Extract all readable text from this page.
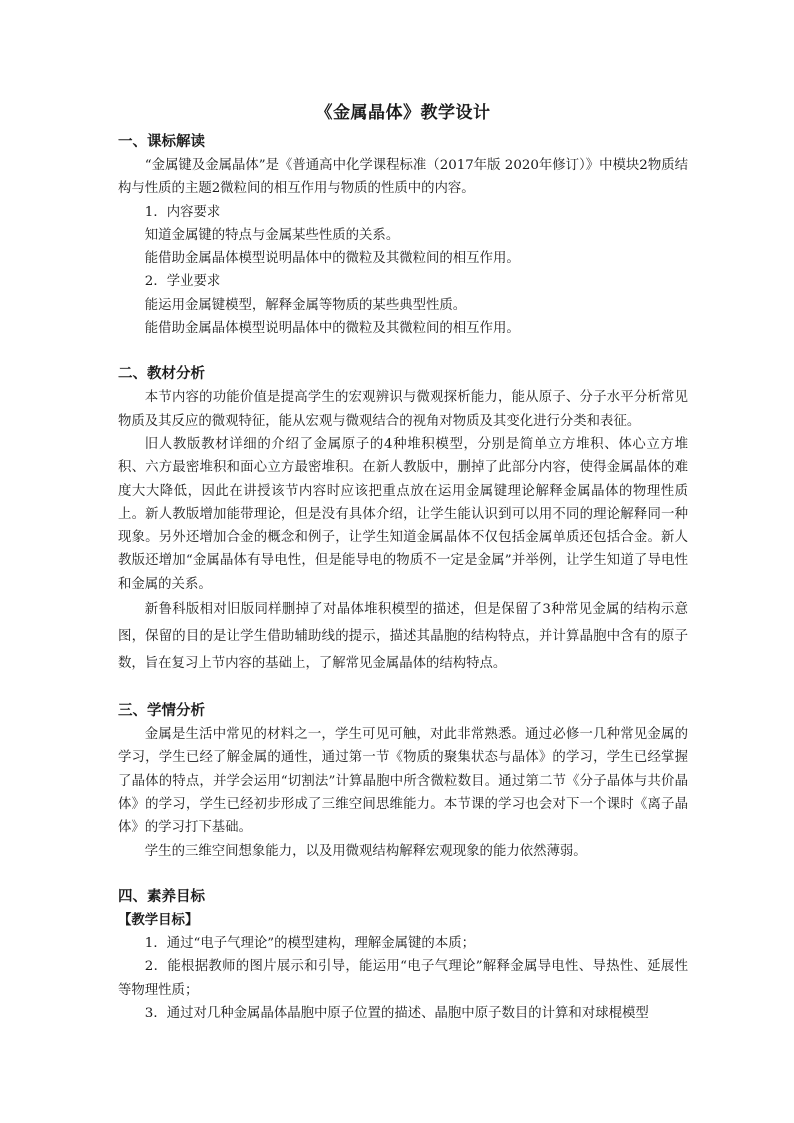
《金属晶体》教学设计
一、课标解读

“金属键及金属晶体”是《普通高中化学课程标准（2017年版 2020年修订）》中模块2物质结构与性质的主题2微粒间的相互作用与物质的性质中的内容。

1．内容要求

知道金属键的特点与金属某些性质的关系。

能借助金属晶体模型说明晶体中的微粒及其微粒间的相互作用。

2．学业要求

能运用金属键模型，解释金属等物质的某些典型性质。

能借助金属晶体模型说明晶体中的微粒及其微粒间的相互作用。

二、教材分析

本节内容的功能价值是提高学生的宏观辨识与微观探析能力，能从原子、分子水平分析常见物质及其反应的微观特征，能从宏观与微观结合的视角对物质及其变化进行分类和表征。

旧人教版教材详细的介绍了金属原子的4种堆积模型，分别是简单立方堆积、体心立方堆积、六方最密堆积和面心立方最密堆积。在新人教版中，删掉了此部分内容，使得金属晶体的难度大大降低，因此在讲授该节内容时应该把重点放在运用金属键理论解释金属晶体的物理性质上。新人教版增加能带理论，但是没有具体介绍，让学生能认识到可以用不同的理论解释同一种现象。另外还增加合金的概念和例子，让学生知道金属晶体不仅包括金属单质还包括合金。新人教版还增加“金属晶体有导电性，但是能导电的物质不一定是金属”并举例，让学生知道了导电性和金属的关系。

新鲁科版相对旧版同样删掉了对晶体堆积模型的描述，但是保留了3种常见金属的结构示意图，保留的目的是让学生借助辅助线的提示，描述其晶胞的结构特点，并计算晶胞中含有的原子数，旨在复习上节内容的基础上，了解常见金属晶体的结构特点。

三、学情分析

金属是生活中常见的材料之一，学生可见可触，对此非常熟悉。通过必修一几种常见金属的学习，学生已经了解金属的通性，通过第一节《物质的聚集状态与晶体》的学习，学生已经掌握了晶体的特点，并学会运用“切割法”计算晶胞中所含微粒数目。通过第二节《分子晶体与共价晶体》的学习，学生已经初步形成了三维空间思维能力。本节课的学习也会对下一个课时《离子晶体》的学习打下基础。

学生的三维空间想象能力，以及用微观结构解释宏观现象的能力依然薄弱。

四、素养目标

【教学目标】

1．通过“电子气理论”的模型建构，理解金属键的本质；

2．能根据教师的图片展示和引导，能运用“电子气理论”解释金属导电性、导热性、延展性等物理性质；

3．通过对几种金属晶体晶胞中原子位置的描述、晶胞中原子数目的计算和对球棍模型
